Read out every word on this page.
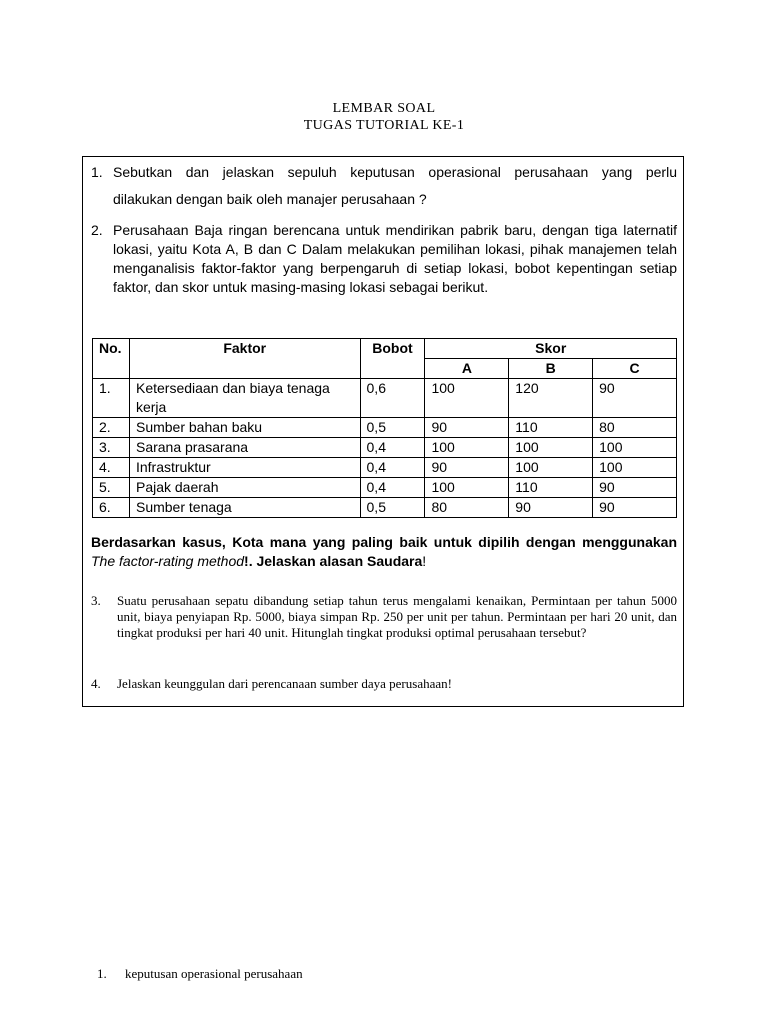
LEMBAR SOAL
TUGAS TUTORIAL KE-1
1. Sebutkan dan jelaskan sepuluh keputusan operasional perusahaan yang perlu
dilakukan dengan baik oleh manajer perusahaan ?
2. Perusahaan Baja ringan berencana untuk mendirikan pabrik baru, dengan tiga laternatif lokasi, yaitu Kota A, B dan C Dalam melakukan pemilihan lokasi, pihak manajemen telah menganalisis faktor-faktor yang berpengaruh di setiap lokasi, bobot kepentingan setiap faktor, dan skor untuk masing-masing lokasi sebagai berikut.
No.	Faktor	Bobot	Skor		
			A	B	C
1.	Ketersediaan dan biaya tenaga kerja	0,6	100	120	90
2.	Sumber bahan baku	0,5	90	110	80
3.	Sarana prasarana	0,4	100	100	100
4.	Infrastruktur	0,4	90	100	100
5.	Pajak daerah	0,4	100	110	90
6.	Sumber tenaga	0,5	80	90	90
Berdasarkan kasus, Kota mana yang paling baik untuk dipilih dengan menggunakan The factor-rating method!. Jelaskan alasan Saudara!
3. Suatu perusahaan sepatu dibandung setiap tahun terus mengalami kenaikan, Permintaan per tahun 5000 unit, biaya penyiapan Rp. 5000, biaya simpan Rp. 250 per unit per tahun. Permintaan per hari 20 unit, dan tingkat produksi per hari 40 unit. Hitunglah tingkat produksi optimal perusahaan tersebut?
4. Jelaskan keunggulan dari perencanaan sumber daya perusahaan!
1. keputusan operasional perusahaan
